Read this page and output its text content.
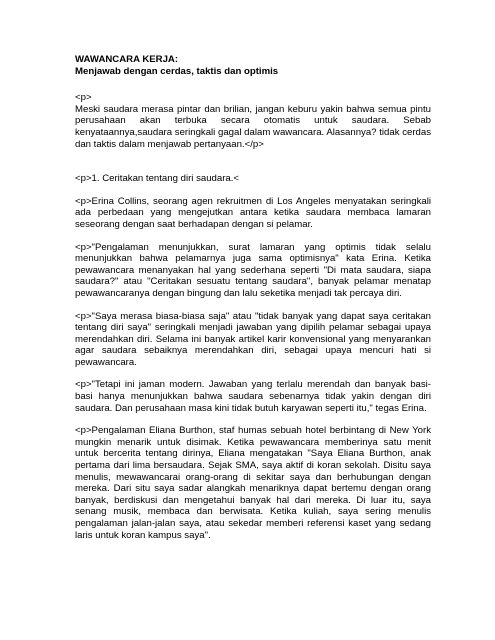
WAWANCARA KERJA:

Menjawab dengan cerdas, taktis dan optimis

<p>

Meski saudara merasa pintar dan brilian, jangan keburu yakin bahwa semua pintu perusahaan akan terbuka secara otomatis untuk saudara. Sebab kenyataannya,saudara seringkali gagal dalam wawancara. Alasannya? tidak cerdas dan taktis dalam menjawab pertanyaan.</p>

<p>1. Ceritakan tentang diri saudara.<

<p>Erina Collins, seorang agen rekruitmen di Los Angeles menyatakan seringkali ada perbedaan yang mengejutkan antara ketika saudara membaca lamaran seseorang dengan saat berhadapan dengan si pelamar.

<p>"Pengalaman menunjukkan, surat lamaran yang optimis tidak selalu menunjukkan bahwa pelamarnya juga sama optimisnya" kata Erina. Ketika pewawancara menanyakan hal yang sederhana seperti "Di mata saudara, siapa saudara?" atau "Ceritakan sesuatu tentang saudara", banyak pelamar menatap pewawancaranya dengan bingung dan lalu seketika menjadi tak percaya diri.

<p>"Saya merasa biasa-biasa saja" atau "tidak banyak yang dapat saya ceritakan tentang diri saya" seringkali menjadi jawaban yang dipilih pelamar sebagai upaya merendahkan diri. Selama ini banyak artikel karir konvensional yang menyarankan agar saudara sebaiknya merendahkan diri, sebagai upaya mencuri hati si pewawancara.

<p>"Tetapi ini jaman modern. Jawaban yang terlalu merendah dan banyak basi-basi hanya menunjukkan bahwa saudara sebenarnya tidak yakin dengan diri saudara. Dan perusahaan masa kini tidak butuh karyawan seperti itu," tegas Erina.

<p>Pengalaman Eliana Burthon, staf humas sebuah hotel berbintang di New York mungkin menarik untuk disimak. Ketika pewawancara memberinya satu menit untuk bercerita tentang dirinya, Eliana mengatakan "Saya Eliana Burthon, anak pertama dari lima bersaudara. Sejak SMA, saya aktif di koran sekolah. Disitu saya menulis, mewawancarai orang-orang di sekitar saya dan berhubungan dengan mereka. Dari situ saya sadar alangkah menariknya dapat bertemu dengan orang banyak, berdiskusi dan mengetahui banyak hal dari mereka. Di luar itu, saya senang musik, membaca dan berwisata. Ketika kuliah, saya sering menulis pengalaman jalan-jalan saya, atau sekedar memberi referensi kaset yang sedang laris untuk koran kampus saya".
